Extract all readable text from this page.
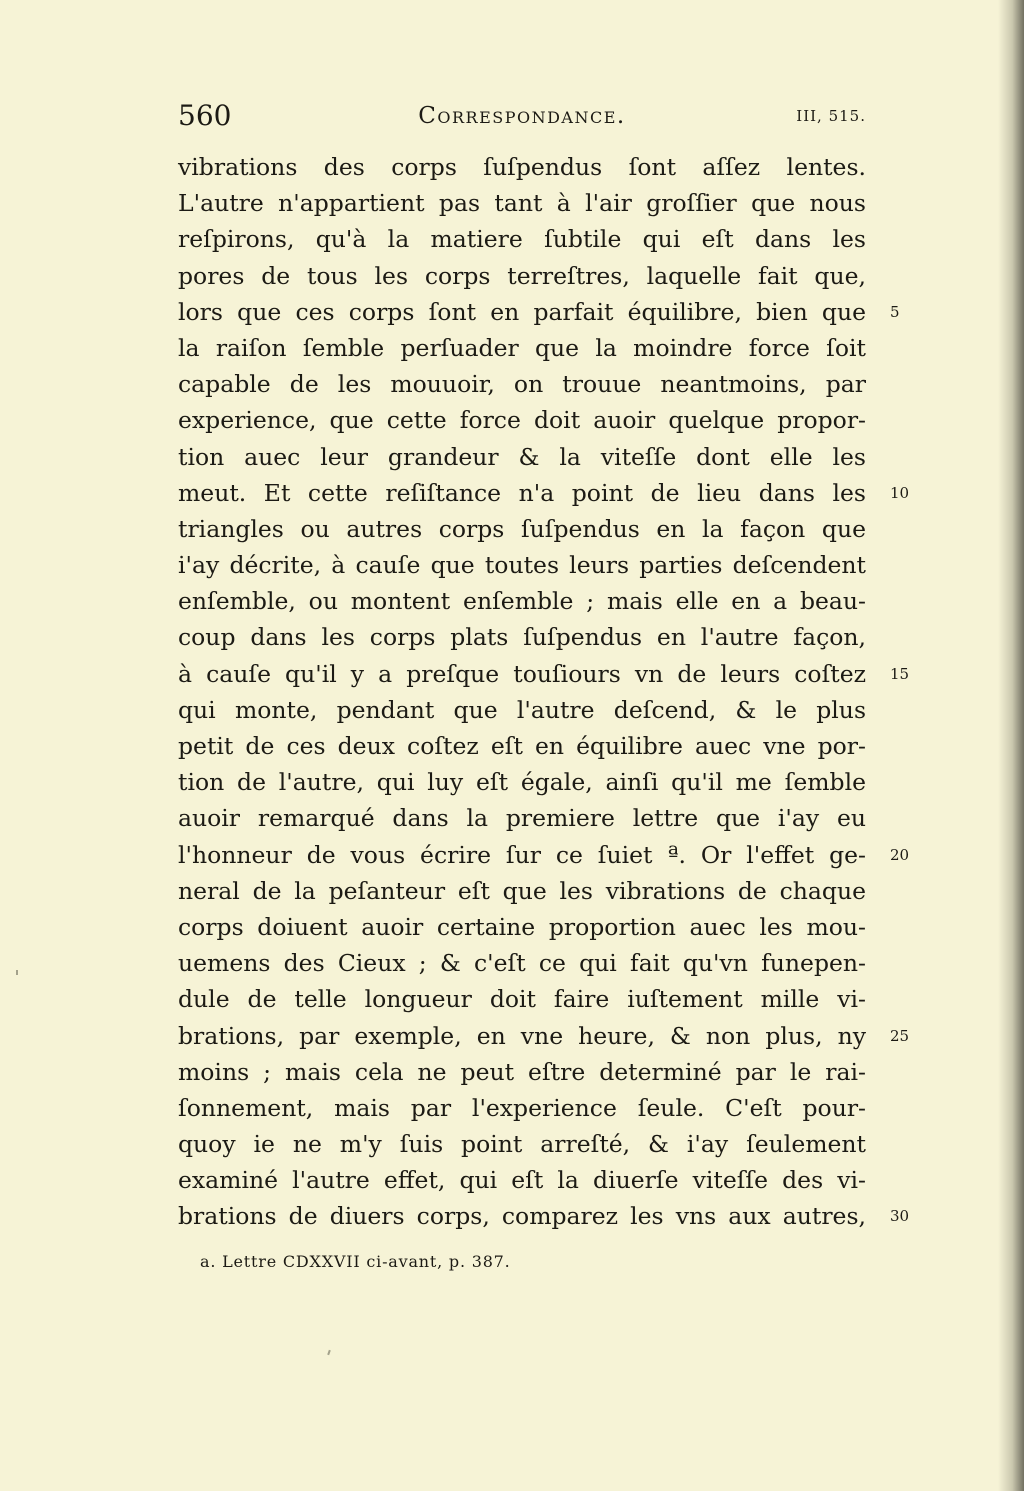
560	Correspondance.	III, 515.
vibrations des corps ſuſpendus ſont aſſez lentes.
L'autre n'appartient pas tant à l'air groſſier que nous
reſpirons, qu'à la matiere ſubtile qui eſt dans les
pores de tous les corps terreſtres, laquelle fait que,
lors que ces corps ſont en parfait équilibre, bien que 5
la raiſon ſemble perſuader que la moindre force ſoit
capable de les mouuoir, on trouue neantmoins, par
experience, que cette force doit auoir quelque propor-
tion auec leur grandeur & la viteſſe dont elle les
meut. Et cette reſiſtance n'a point de lieu dans les 10
triangles ou autres corps ſuſpendus en la façon que
i'ay décrite, à cauſe que toutes leurs parties deſcendent
enſemble, ou montent enſemble ; mais elle en a beau-
coup dans les corps plats ſuſpendus en l'autre façon,
à cauſe qu'il y a preſque touſiours vn de leurs coſtez 15
qui monte, pendant que l'autre deſcend, & le plus
petit de ces deux coſtez eſt en équilibre auec vne por-
tion de l'autre, qui luy eſt égale, ainſi qu'il me ſemble
auoir remarqué dans la premiere lettre que i'ay eu
l'honneur de vous écrire ſur ce ſuiet ª. Or l'effet ge- 20
neral de la peſanteur eſt que les vibrations de chaque
corps doiuent auoir certaine proportion auec les mou-
uemens des Cieux ; & c'eſt ce qui fait qu'vn funepen-
dule de telle longueur doit faire iuſtement mille vi-
brations, par exemple, en vne heure, & non plus, ny 25
moins ; mais cela ne peut eſtre determiné par le rai-
ſonnement, mais par l'experience ſeule. C'eſt pour-
quoy ie ne m'y ſuis point arreſté, & i'ay ſeulement
examiné l'autre effet, qui eſt la diuerſe viteſſe des vi-
brations de diuers corps, comparez les vns aux autres, 30
a. Lettre CDXXVII ci-avant, p. 387.
